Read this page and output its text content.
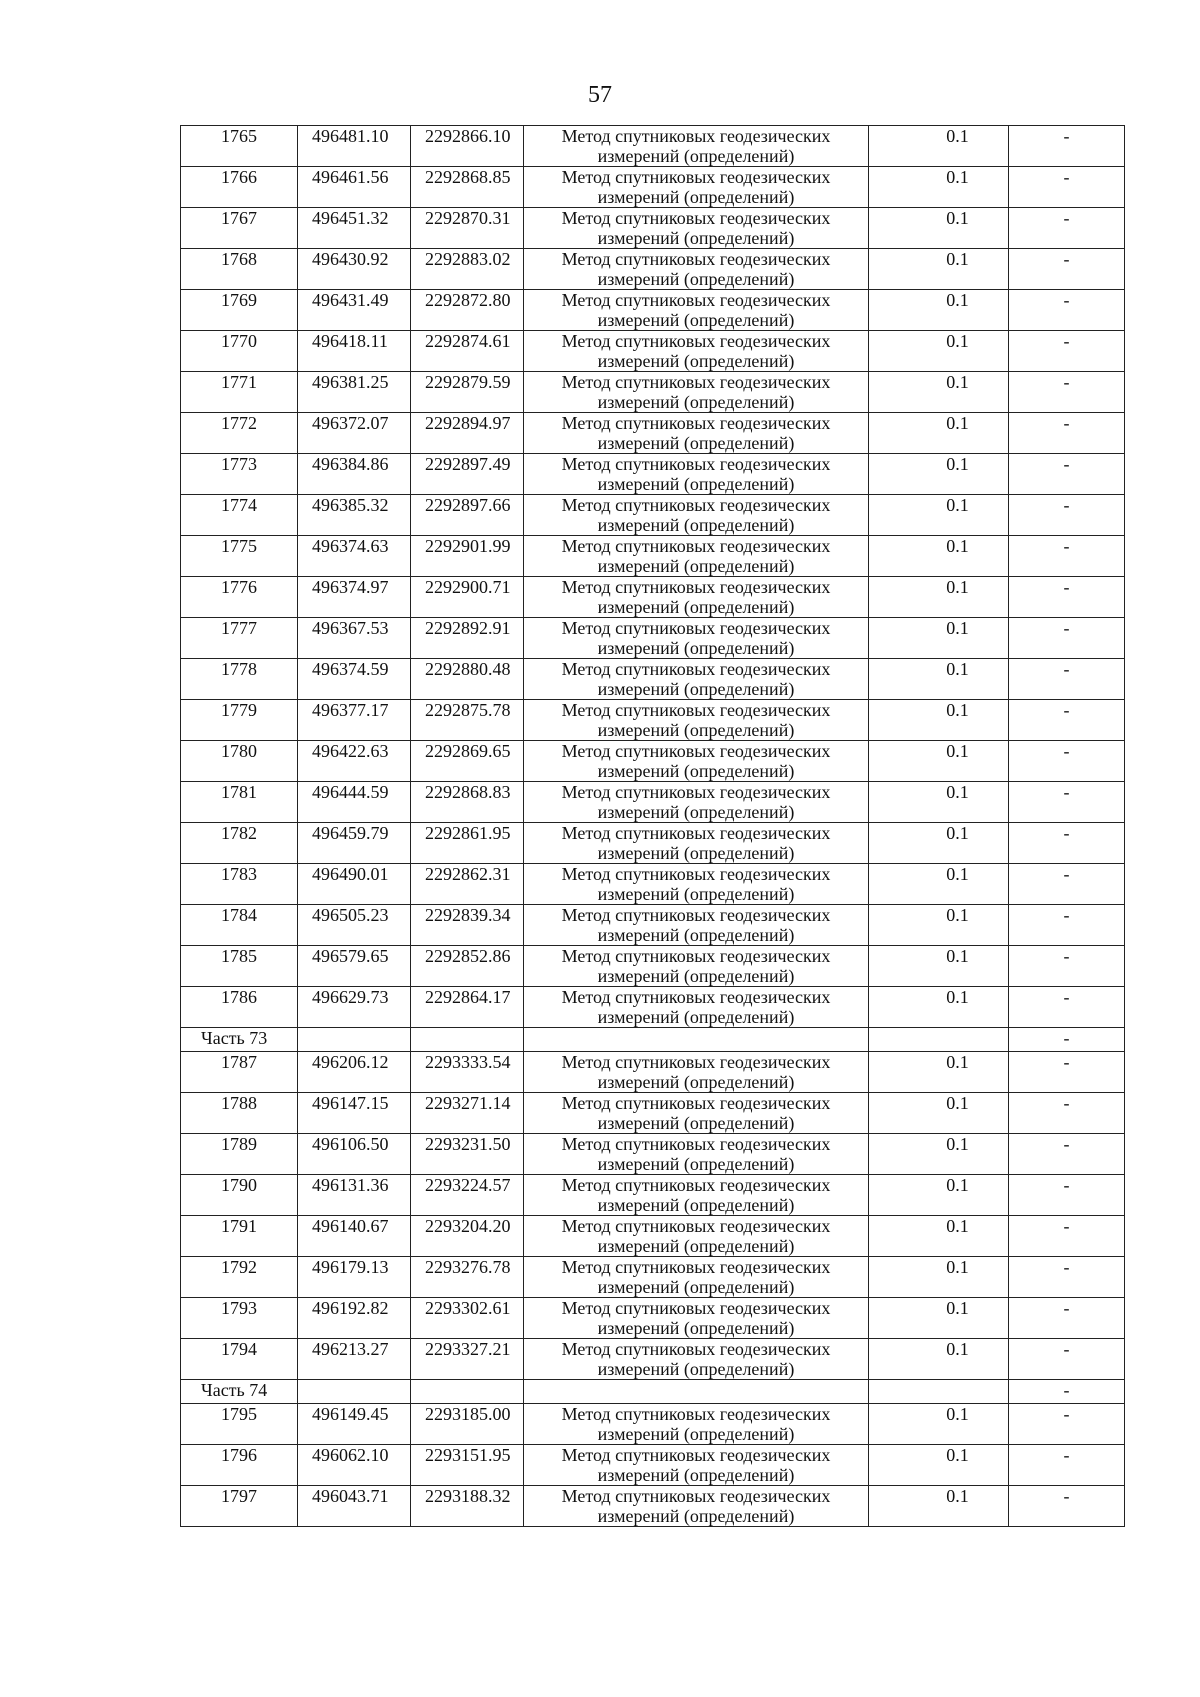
57
1765	496481.10	2292866.10	Метод спутниковых геодезических
измерений (определений)	0.1	-
1766	496461.56	2292868.85	Метод спутниковых геодезических
измерений (определений)	0.1	-
1767	496451.32	2292870.31	Метод спутниковых геодезических
измерений (определений)	0.1	-
1768	496430.92	2292883.02	Метод спутниковых геодезических
измерений (определений)	0.1	-
1769	496431.49	2292872.80	Метод спутниковых геодезических
измерений (определений)	0.1	-
1770	496418.11	2292874.61	Метод спутниковых геодезических
измерений (определений)	0.1	-
1771	496381.25	2292879.59	Метод спутниковых геодезических
измерений (определений)	0.1	-
1772	496372.07	2292894.97	Метод спутниковых геодезических
измерений (определений)	0.1	-
1773	496384.86	2292897.49	Метод спутниковых геодезических
измерений (определений)	0.1	-
1774	496385.32	2292897.66	Метод спутниковых геодезических
измерений (определений)	0.1	-
1775	496374.63	2292901.99	Метод спутниковых геодезических
измерений (определений)	0.1	-
1776	496374.97	2292900.71	Метод спутниковых геодезических
измерений (определений)	0.1	-
1777	496367.53	2292892.91	Метод спутниковых геодезических
измерений (определений)	0.1	-
1778	496374.59	2292880.48	Метод спутниковых геодезических
измерений (определений)	0.1	-
1779	496377.17	2292875.78	Метод спутниковых геодезических
измерений (определений)	0.1	-
1780	496422.63	2292869.65	Метод спутниковых геодезических
измерений (определений)	0.1	-
1781	496444.59	2292868.83	Метод спутниковых геодезических
измерений (определений)	0.1	-
1782	496459.79	2292861.95	Метод спутниковых геодезических
измерений (определений)	0.1	-
1783	496490.01	2292862.31	Метод спутниковых геодезических
измерений (определений)	0.1	-
1784	496505.23	2292839.34	Метод спутниковых геодезических
измерений (определений)	0.1	-
1785	496579.65	2292852.86	Метод спутниковых геодезических
измерений (определений)	0.1	-
1786	496629.73	2292864.17	Метод спутниковых геодезических
измерений (определений)	0.1	-
Часть 73					-
1787	496206.12	2293333.54	Метод спутниковых геодезических
измерений (определений)	0.1	-
1788	496147.15	2293271.14	Метод спутниковых геодезических
измерений (определений)	0.1	-
1789	496106.50	2293231.50	Метод спутниковых геодезических
измерений (определений)	0.1	-
1790	496131.36	2293224.57	Метод спутниковых геодезических
измерений (определений)	0.1	-
1791	496140.67	2293204.20	Метод спутниковых геодезических
измерений (определений)	0.1	-
1792	496179.13	2293276.78	Метод спутниковых геодезических
измерений (определений)	0.1	-
1793	496192.82	2293302.61	Метод спутниковых геодезических
измерений (определений)	0.1	-
1794	496213.27	2293327.21	Метод спутниковых геодезических
измерений (определений)	0.1	-
Часть 74					-
1795	496149.45	2293185.00	Метод спутниковых геодезических
измерений (определений)	0.1	-
1796	496062.10	2293151.95	Метод спутниковых геодезических
измерений (определений)	0.1	-
1797	496043.71	2293188.32	Метод спутниковых геодезических
измерений (определений)	0.1	-
